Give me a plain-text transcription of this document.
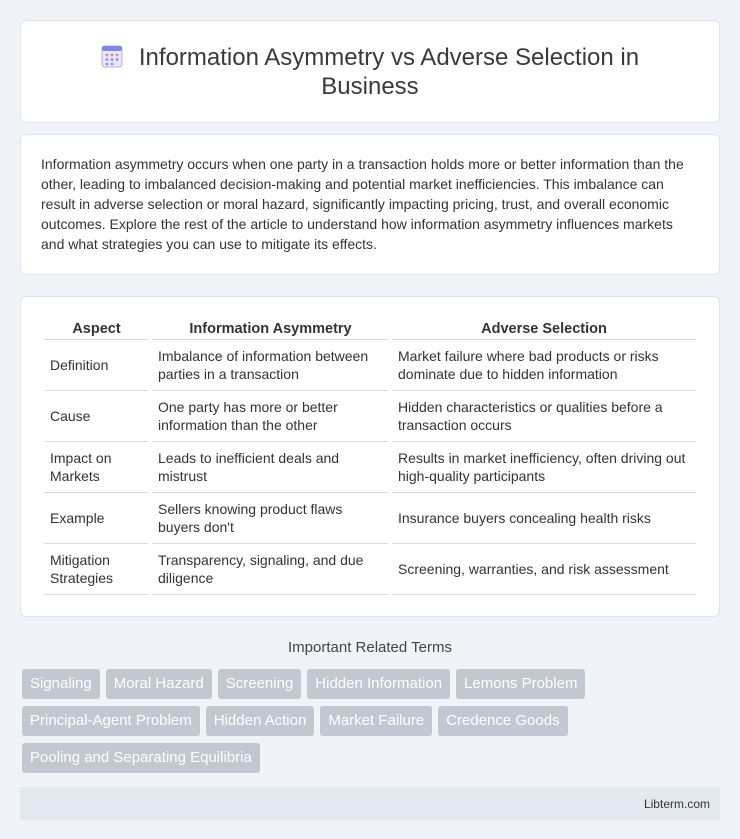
Information Asymmetry vs Adverse Selection in Business

Information asymmetry occurs when one party in a transaction holds more or better information than the other, leading to imbalanced decision-making and potential market inefficiencies. This imbalance can result in adverse selection or moral hazard, significantly impacting pricing, trust, and overall economic outcomes. Explore the rest of the article to understand how information asymmetry influences markets and what strategies you can use to mitigate its effects.

Aspect	Information Asymmetry	Adverse Selection
Definition	Imbalance of information between parties in a transaction	Market failure where bad products or risks dominate due to hidden information
Cause	One party has more or better information than the other	Hidden characteristics or qualities before a transaction occurs
Impact on Markets	Leads to inefficient deals and mistrust	Results in market inefficiency, often driving out high-quality participants
Example	Sellers knowing product flaws buyers don't	Insurance buyers concealing health risks
Mitigation Strategies	Transparency, signaling, and due diligence	Screening, warranties, and risk assessment
Important Related Terms
Signaling	Moral Hazard	Screening	Hidden Information	Lemons Problem
Principal-Agent Problem	Hidden Action	Market Failure	Credence Goods
Pooling and Separating Equilibria
Libterm.com
